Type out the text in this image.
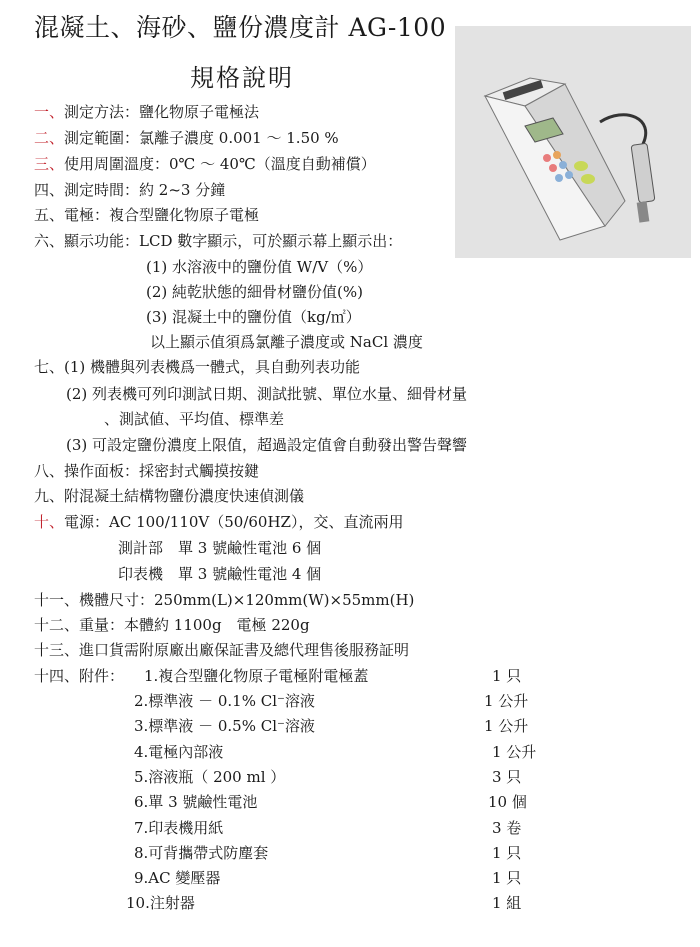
混凝土、海砂、鹽份濃度計 AG-100
規格說明
一、測定方法：鹽化物原子電極法
二、測定範圍：氯離子濃度 0.001 ～ 1.50 %
三、使用周圍溫度：0℃ ～ 40℃（溫度自動補償）
四、測定時間：約 2~3 分鐘
五、電極：複合型鹽化物原子電極
六、顯示功能：LCD 數字顯示，可於顯示幕上顯示出：
(1) 水溶液中的鹽份值 W/V（%）
(2) 純乾狀態的細骨材鹽份值(%)
(3) 混凝土中的鹽份值（kg/㎡）
以上顯示值須爲氯離子濃度或 NaCl 濃度
七、(1) 機體與列表機爲一體式，具自動列表功能
(2) 列表機可列印測試日期、測試批號、單位水量、細骨材量
、測試値、平均值、標準差
(3) 可設定鹽份濃度上限值，超過設定值會自動發出警告聲響
八、操作面板：採密封式觸摸按鍵
九、附混凝土結構物鹽份濃度快速偵測儀
十、電源：AC 100/110V（50/60HZ），交、直流兩用
測計部　單 3 號鹼性電池 6 個
印表機　單 3 號鹼性電池 4 個
十一、機體尺寸：250mm(L)×120mm(W)×55mm(H)
十二、重量：本體約 1100g　電極 220g
十三、進口貨需附原廠出廠保証書及總代理售後服務証明
十四、附件： 1.複合型鹽化物原子電極附電極蓋	1 只
2.標準液 － 0.1% Cl⁻溶液	1 公升
3.標準液 － 0.5% Cl⁻溶液	1 公升
4.電極內部液	1 公升
5.溶液瓶（ 200 ml ）	3 只
6.單 3 號鹼性電池	10 個
7.印表機用紙	3 卷
8.可背攜帶式防塵套	1 只
9.AC 變壓器	1 只
10.注射器	1 組
